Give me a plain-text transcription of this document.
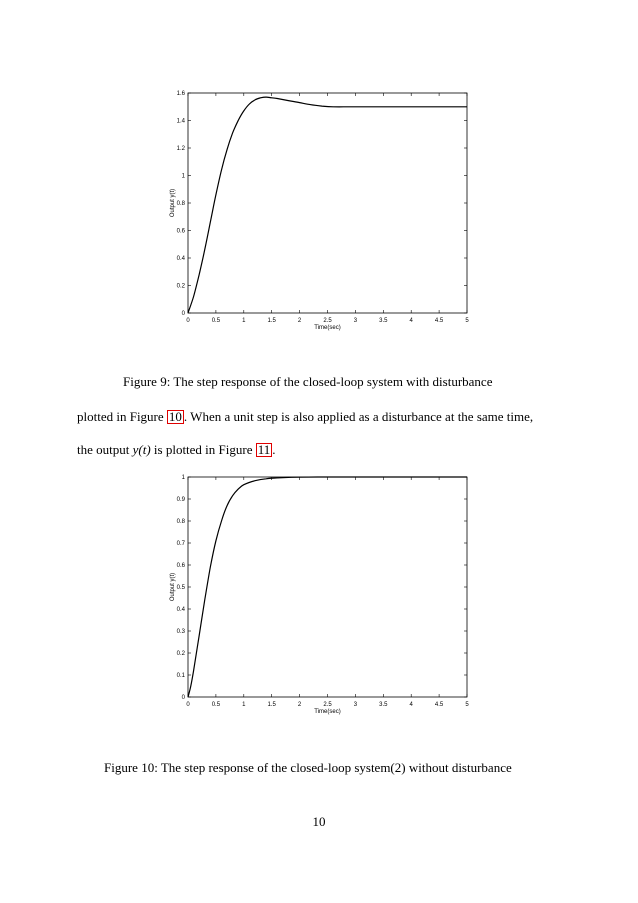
0	0.5	1	1.5	2	2.5	3	3.5	4	4.5	5
0
0.2
0.4
0.6
0.8
1
1.2
1.4
1.6
Time(sec)
Output y(t)
Figure 9: The step response of the closed-loop system with disturbance
plotted in Figure 10 . When a unit step is also applied as a disturbance at the same time,
the output y(t) is plotted in Figure 11 .
0	0.5	1	1.5	2	2.5	3	3.5	4	4.5	5
0
0.1
0.2
0.3
0.4
0.5
0.6
0.7
0.8
0.9
1
Time(sec)
Output y(t)
Figure 10: The step response of the closed-loop system(2) without disturbance
10
